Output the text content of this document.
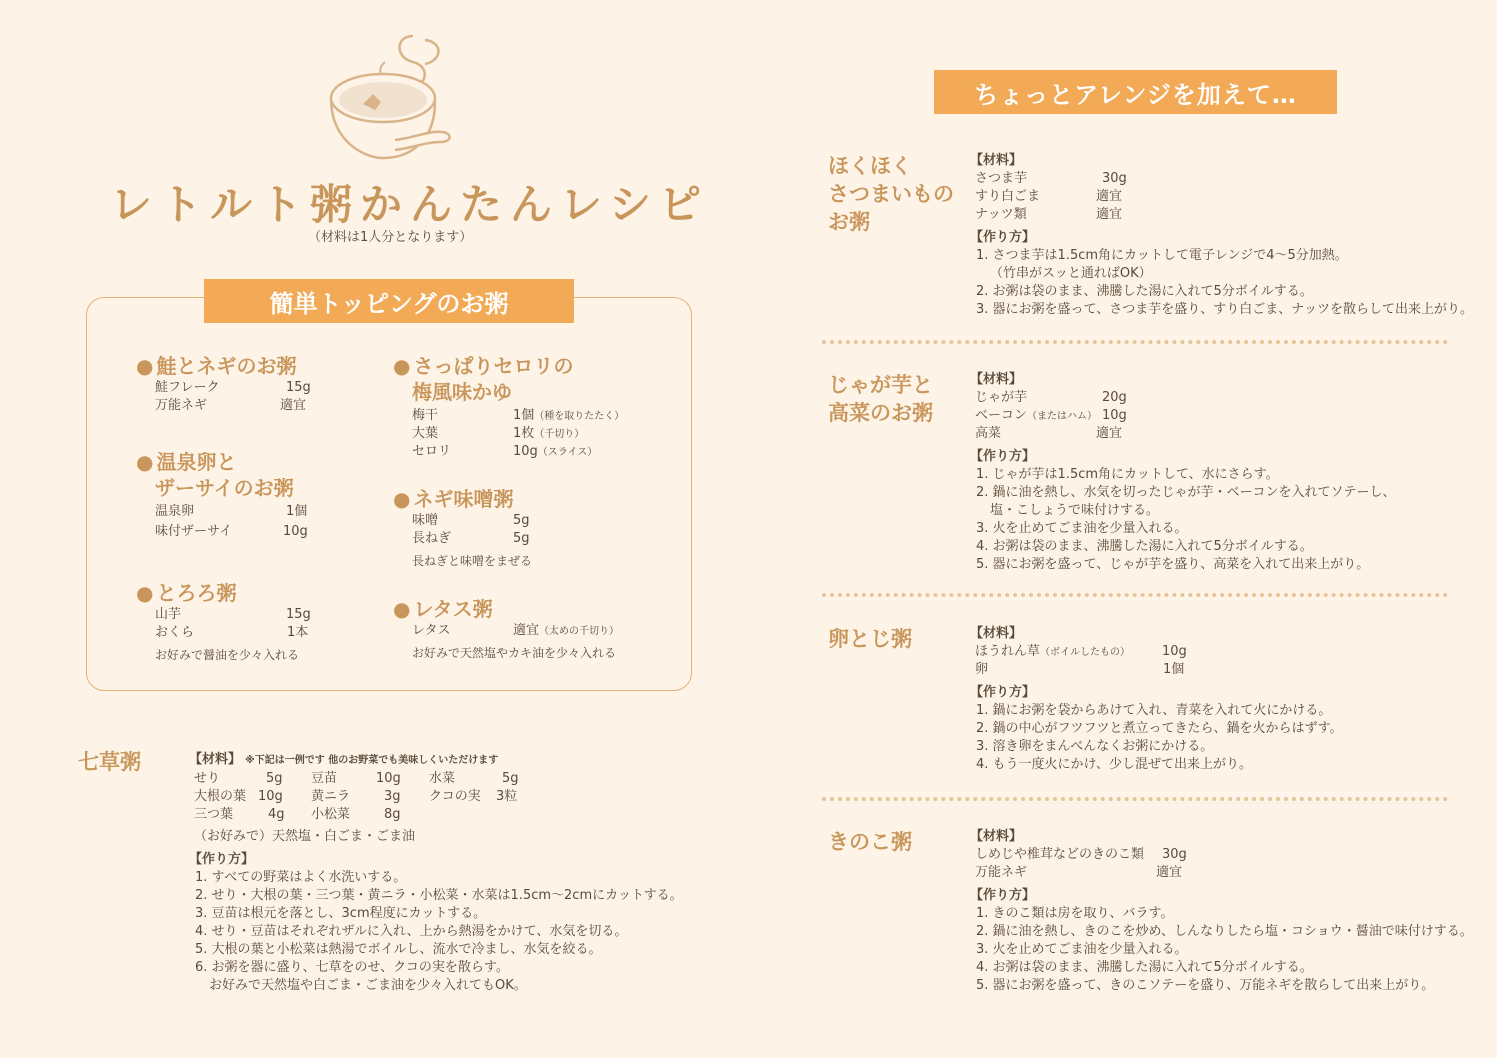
レトルト粥かんたんレシピ
（材料は1人分となります）
簡単トッピングのお粥
● 鮭とネギのお粥
鮭フレーク	15g
万能ネギ	適宜
● 温泉卵と
ザーサイのお粥
温泉卵	1個
味付ザーサイ	10g
● とろろ粥
山芋	15g
おくら	1本
お好みで醤油を少々入れる
● さっぱりセロリの
梅風味かゆ
梅干	1個（種を取りたたく）
大葉	1枚（千切り）
セロリ	10g（スライス）
● ネギ味噌粥
味噌	5g
長ねぎ	5g
長ねぎと味噌をまぜる
● レタス粥
レタス	適宜（太めの千切り）
お好みで天然塩やカキ油を少々入れる
七草粥	【材料】 ※下記は一例です 他のお野菜でも美味しくいただけます
せり	5g 豆苗	10g 水菜	5g
大根の葉 10g 黄ニラ	3g クコの実 3粒
三つ葉	4g 小松菜	8g
（お好みで）天然塩・白ごま・ごま油
【作り方】
1. すべての野菜はよく水洗いする。
2. せり・大根の葉・三つ葉・黄ニラ・小松菜・水菜は1.5cm〜2cmにカットする。
3. 豆苗は根元を落とし、3cm程度にカットする。
4. せり・豆苗はそれぞれザルに入れ、上から熱湯をかけて、水気を切る。
5. 大根の葉と小松菜は熱湯でボイルし、流水で冷まし、水気を絞る。
6. お粥を器に盛り、七草をのせ、クコの実を散らす。
お好みで天然塩や白ごま・ごま油を少々入れてもOK。
ちょっとアレンジを加えて…
ほくほく
さつまいもの
お粥
【材料】
さつま芋	30g
すり白ごま	適宜
ナッツ類	適宜
【作り方】
1. さつま芋は1.5cm角にカットして電子レンジで4〜5分加熱。
（竹串がスッと通ればOK）
2. お粥は袋のまま、沸騰した湯に入れて5分ボイルする。
3. 器にお粥を盛って、さつま芋を盛り、すり白ごま、ナッツを散らして出来上がり。
じゃが芋と
高菜のお粥
【材料】
じゃが芋	20g
ベーコン（またはハム） 10g
高菜	適宜
【作り方】
1. じゃが芋は1.5cm角にカットして、水にさらす。
2. 鍋に油を熱し、水気を切ったじゃが芋・ベーコンを入れてソテーし、
塩・こしょうで味付けする。
3. 火を止めてごま油を少量入れる。
4. お粥は袋のまま、沸騰した湯に入れて5分ボイルする。
5. 器にお粥を盛って、じゃが芋を盛り、高菜を入れて出来上がり。
卵とじ粥	【材料】
ほうれん草（ボイルしたもの） 10g
卵	1個
【作り方】
1. 鍋にお粥を袋からあけて入れ、青菜を入れて火にかける。
2. 鍋の中心がフツフツと煮立ってきたら、鍋を火からはずす。
3. 溶き卵をまんべんなくお粥にかける。
4. もう一度火にかけ、少し混ぜて出来上がり。
きのこ粥	【材料】
しめじや椎茸などのきのこ類 30g
万能ネギ	適宜
【作り方】
1. きのこ類は房を取り、バラす。
2. 鍋に油を熱し、きのこを炒め、しんなりしたら塩・コショウ・醤油で味付けする。
3. 火を止めてごま油を少量入れる。
4. お粥は袋のまま、沸騰した湯に入れて5分ボイルする。
5. 器にお粥を盛って、きのこソテーを盛り、万能ネギを散らして出来上がり。
